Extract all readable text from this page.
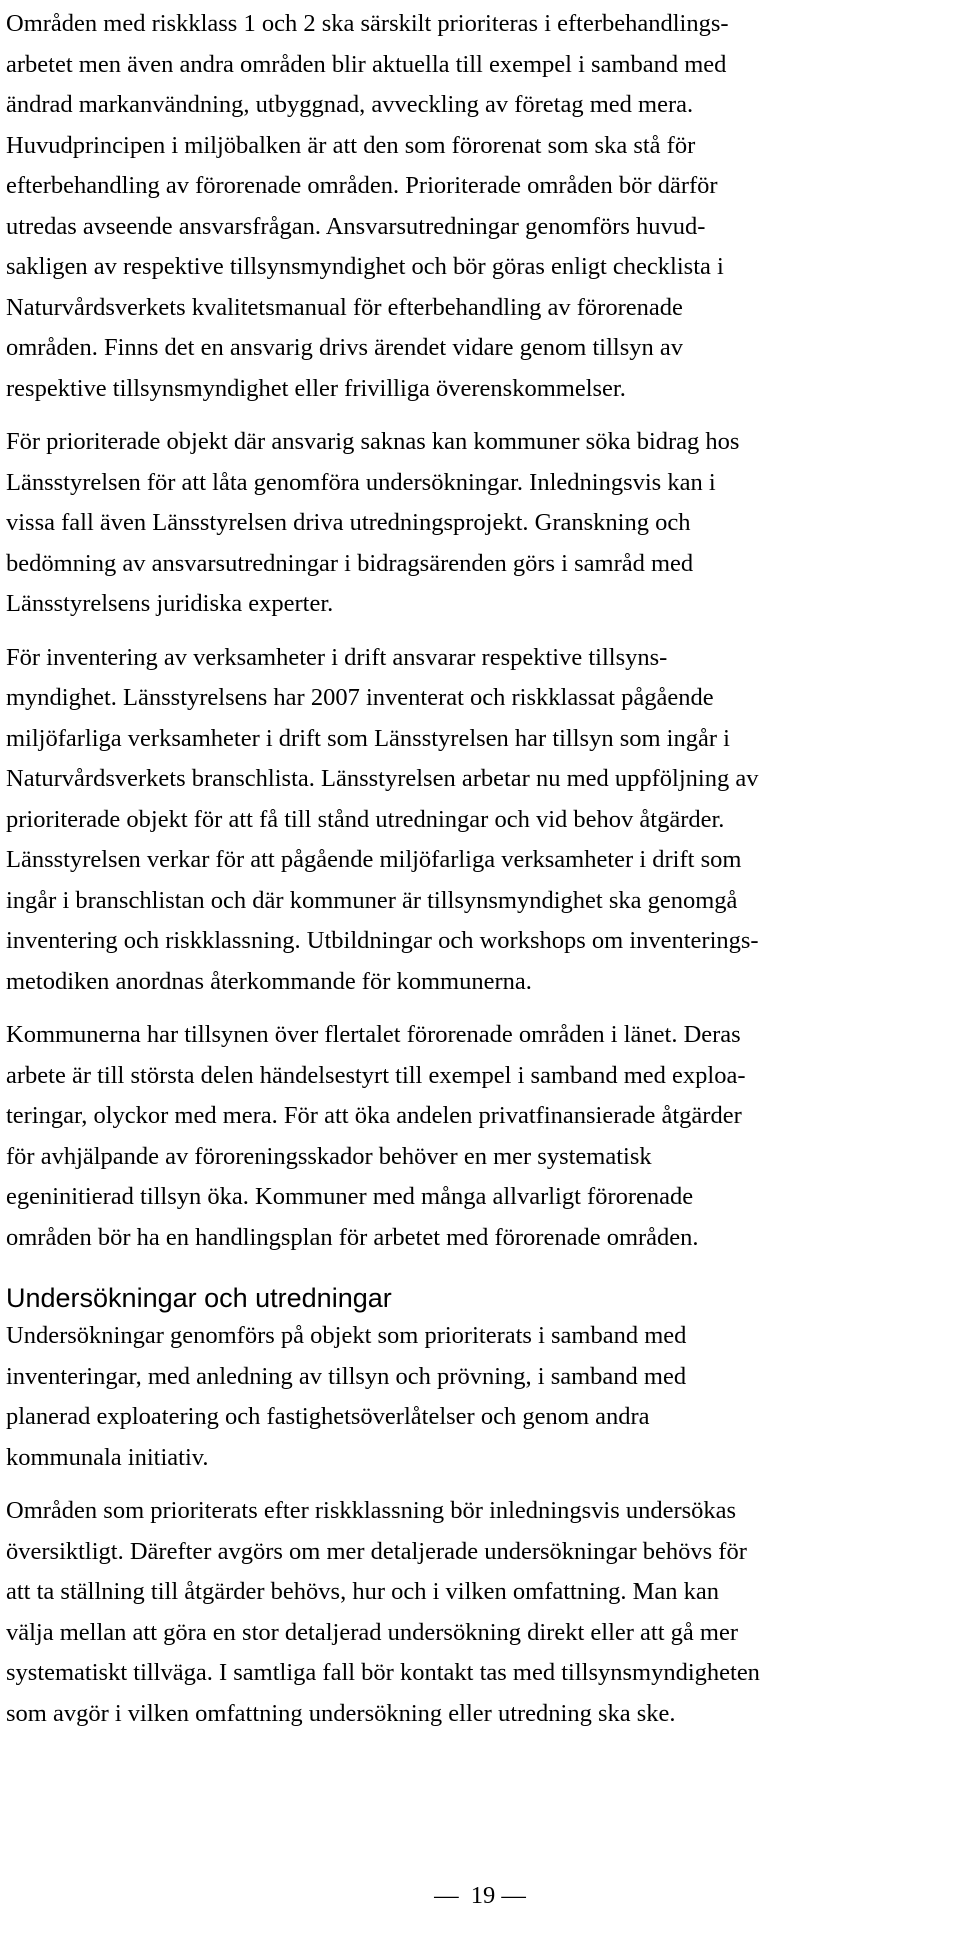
Områden med riskklass 1 och 2 ska särskilt prioriteras i efterbehandlings-
arbetet men även andra områden blir aktuella till exempel i samband med
ändrad markanvändning, utbyggnad, avveckling av företag med mera.
Huvudprincipen i miljöbalken är att den som förorenat som ska stå för
efterbehandling av förorenade områden. Prioriterade områden bör därför
utredas avseende ansvarsfrågan. Ansvarsutredningar genomförs huvud-
sakligen av respektive tillsynsmyndighet och bör göras enligt checklista i
Naturvårdsverkets kvalitetsmanual för efterbehandling av förorenade
områden. Finns det en ansvarig drivs ärendet vidare genom tillsyn av
respektive tillsynsmyndighet eller frivilliga överenskommelser.

För prioriterade objekt där ansvarig saknas kan kommuner söka bidrag hos
Länsstyrelsen för att låta genomföra undersökningar. Inledningsvis kan i
vissa fall även Länsstyrelsen driva utredningsprojekt. Granskning och
bedömning av ansvarsutredningar i bidragsärenden görs i samråd med
Länsstyrelsens juridiska experter.

För inventering av verksamheter i drift ansvarar respektive tillsyns-
myndighet. Länsstyrelsens har 2007 inventerat och riskklassat pågående
miljöfarliga verksamheter i drift som Länsstyrelsen har tillsyn som ingår i
Naturvårdsverkets branschlista. Länsstyrelsen arbetar nu med uppföljning av
prioriterade objekt för att få till stånd utredningar och vid behov åtgärder.
Länsstyrelsen verkar för att pågående miljöfarliga verksamheter i drift som
ingår i branschlistan och där kommuner är tillsynsmyndighet ska genomgå
inventering och riskklassning. Utbildningar och workshops om inventerings-
metodiken anordnas återkommande för kommunerna.

Kommunerna har tillsynen över flertalet förorenade områden i länet. Deras
arbete är till största delen händelsestyrt till exempel i samband med exploa-
teringar, olyckor med mera. För att öka andelen privatfinansierade åtgärder
för avhjälpande av föroreningsskador behöver en mer systematisk
egeninitierad tillsyn öka. Kommuner med många allvarligt förorenade
områden bör ha en handlingsplan för arbetet med förorenade områden.

Undersökningar och utredningar

Undersökningar genomförs på objekt som prioriterats i samband med
inventeringar, med anledning av tillsyn och prövning, i samband med
planerad exploatering och fastighetsöverlåtelser och genom andra
kommunala initiativ.

Områden som prioriterats efter riskklassning bör inledningsvis undersökas
översiktligt. Därefter avgörs om mer detaljerade undersökningar behövs för
att ta ställning till åtgärder behövs, hur och i vilken omfattning. Man kan
välja mellan att göra en stor detaljerad undersökning direkt eller att gå mer
systematiskt tillväga. I samtliga fall bör kontakt tas med tillsynsmyndigheten
som avgör i vilken omfattning undersökning eller utredning ska ske.

— 19 —
